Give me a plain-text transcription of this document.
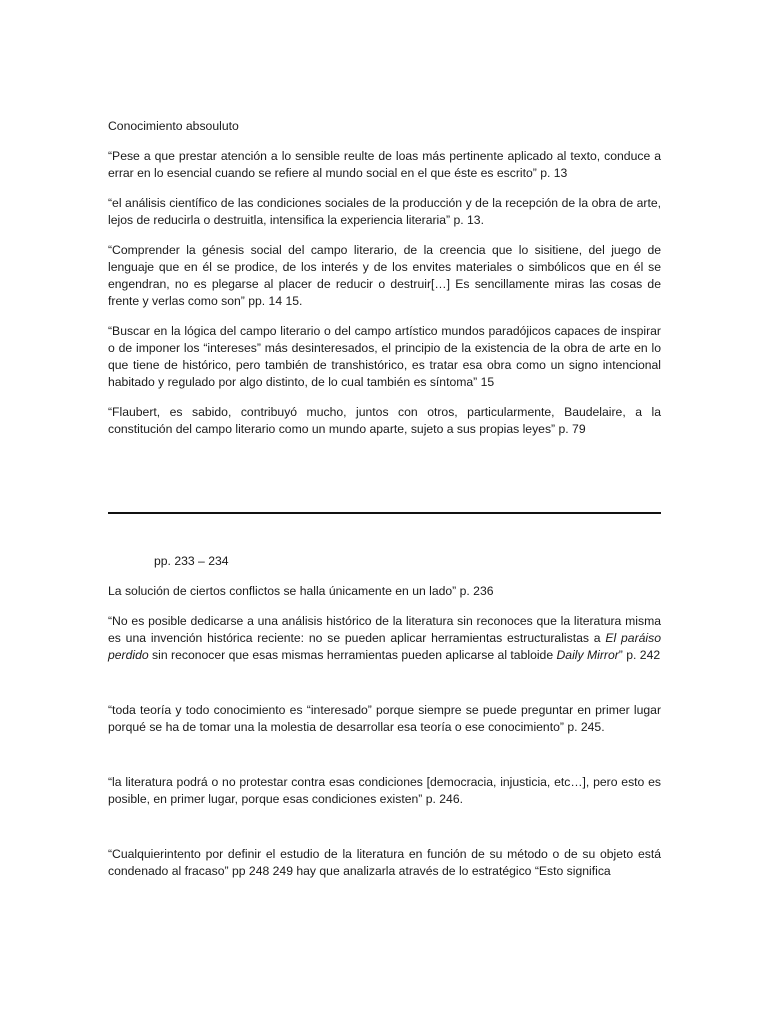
Conocimiento absouluto

“Pese a que prestar atención a lo sensible reulte de loas más pertinente aplicado al texto, conduce a errar en lo esencial cuando se refiere al mundo social en el que éste es escrito” p. 13

“el análisis científico de las condiciones sociales de la producción y de la recepción de la obra de arte, lejos de reducirla o destruitla, intensifica la experiencia literaria” p. 13.

“Comprender la génesis social del campo literario, de la creencia que lo sisitiene, del juego de lenguaje que en él se prodice, de los interés y de los envites materiales o simbólicos que en él se engendran, no es plegarse al placer de reducir o destruir[…] Es sencillamente miras las cosas de frente y verlas como son” pp. 14 15.

“Buscar en la lógica del campo literario o del campo artístico mundos paradójicos capaces de inspirar o de imponer los “intereses” más desinteresados, el principio de la existencia de la obra de arte en lo que tiene de histórico, pero también de transhistórico, es tratar esa obra como un signo intencional habitado y regulado por algo distinto, de lo cual también es síntoma” 15

“Flaubert, es sabido, contribuyó mucho, juntos con otros, particularmente, Baudelaire, a la constitución del campo literario como un mundo aparte, sujeto a sus propias leyes” p. 79

pp. 233 – 234

La solución de ciertos conflictos se halla únicamente en un lado” p. 236

“No es posible dedicarse a una análisis histórico de la literatura sin reconoces que la literatura misma es una invención histórica reciente: no se pueden aplicar herramientas estructuralistas a El paráiso perdido sin reconocer que esas mismas herramientas pueden aplicarse al tabloide Daily Mirror” p. 242

“toda teoría y todo conocimiento es “interesado” porque siempre se puede preguntar en primer lugar porqué se ha de tomar una la molestia de desarrollar esa teoría o ese conocimiento” p. 245.

“la literatura podrá o no protestar contra esas condiciones [democracia, injusticia, etc…], pero esto es posible, en primer lugar, porque esas condiciones existen” p. 246.

“Cualquierintento por definir el estudio de la literatura en función de su método o de su objeto está condenado al fracaso” pp 248 249 hay que analizarla através de lo estratégico “Esto significa
